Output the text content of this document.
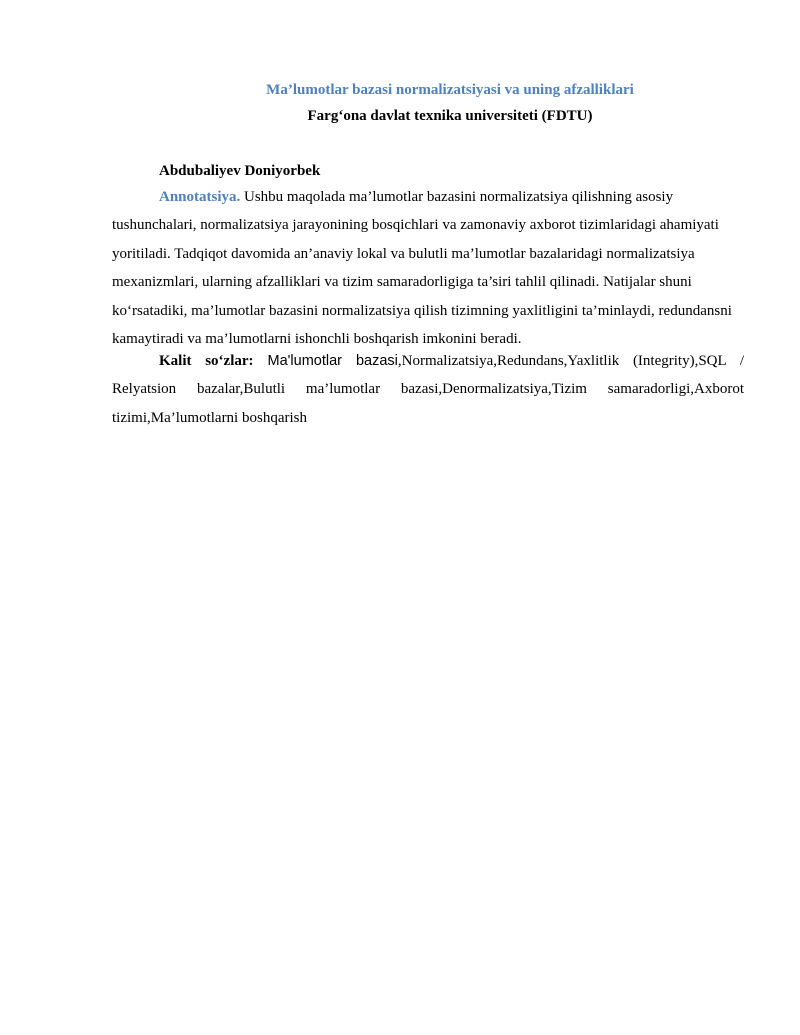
Ma’lumotlar bazasi normalizatsiyasi va uning afzalliklari
Farg‘ona davlat texnika universiteti (FDTU)
Abdubaliyev Doniyorbek

Annotatsiya. Ushbu maqolada ma’lumotlar bazasini normalizatsiya qilishning asosiy tushunchalari, normalizatsiya jarayonining bosqichlari va zamonaviy axborot tizimlaridagi ahamiyati yoritiladi. Tadqiqot davomida an’anaviy lokal va bulutli ma’lumotlar bazalaridagi normalizatsiya mexanizmlari, ularning afzalliklari va tizim samaradorligiga ta’siri tahlil qilinadi. Natijalar shuni ko‘rsatadiki, ma’lumotlar bazasini normalizatsiya qilish tizimning yaxlitligini ta’minlaydi, redundansni kamaytiradi va ma’lumotlarni ishonchli boshqarish imkonini beradi.

Kalit so‘zlar: Ma'lumotlar bazasi,Normalizatsiya,Redundans,Yaxlitlik (Integrity),SQL / Relyatsion bazalar,Bulutli ma’lumotlar bazasi,Denormalizatsiya,Tizim samaradorligi,Axborot tizimi,Ma’lumotlarni boshqarish
